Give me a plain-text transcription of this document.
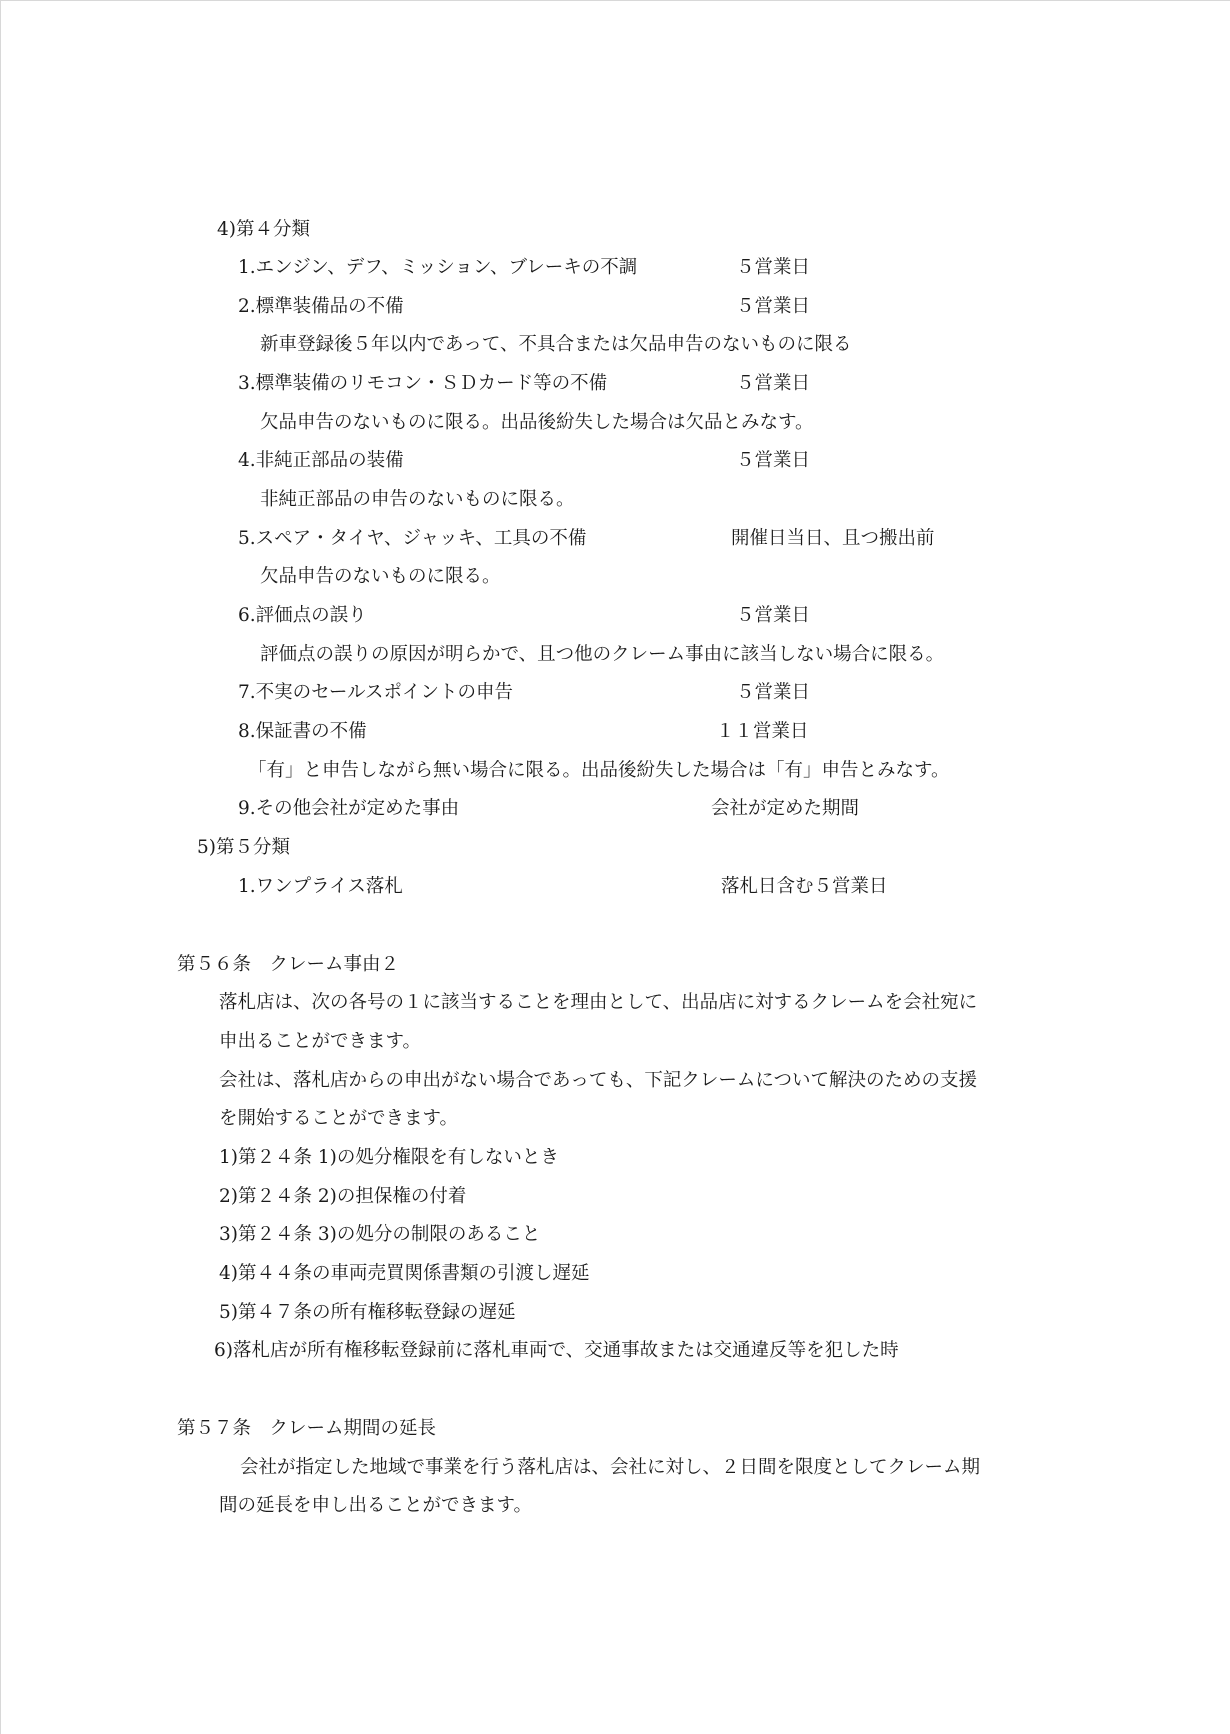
4)第４分類
1.エンジン、デフ、ミッション、ブレーキの不調	５営業日
2.標準装備品の不備	５営業日
新車登録後５年以内であって、不具合または欠品申告のないものに限る
3.標準装備のリモコン・ＳＤカード等の不備	５営業日
欠品申告のないものに限る。出品後紛失した場合は欠品とみなす。
4.非純正部品の装備	５営業日
非純正部品の申告のないものに限る。
5.スペア・タイヤ、ジャッキ、工具の不備	開催日当日、且つ搬出前
欠品申告のないものに限る。
6.評価点の誤り	５営業日
評価点の誤りの原因が明らかで、且つ他のクレーム事由に該当しない場合に限る。
7.不実のセールスポイントの申告	５営業日
8.保証書の不備	１１営業日
「有」と申告しながら無い場合に限る。出品後紛失した場合は「有」申告とみなす。
9.その他会社が定めた事由	会社が定めた期間
5)第５分類
1.ワンプライス落札	落札日含む５営業日
第５６条　クレーム事由２
落札店は、次の各号の１に該当することを理由として、出品店に対するクレームを会社宛に
申出ることができます。
会社は、落札店からの申出がない場合であっても、下記クレームについて解決のための支援
を開始することができます。
1)第２４条 1)の処分権限を有しないとき
2)第２４条 2)の担保権の付着
3)第２４条 3)の処分の制限のあること
4)第４４条の車両売買関係書類の引渡し遅延
5)第４７条の所有権移転登録の遅延
6)落札店が所有権移転登録前に落札車両で、交通事故または交通違反等を犯した時
第５７条　クレーム期間の延長
会社が指定した地域で事業を行う落札店は、会社に対し、２日間を限度としてクレーム期
間の延長を申し出ることができます。
